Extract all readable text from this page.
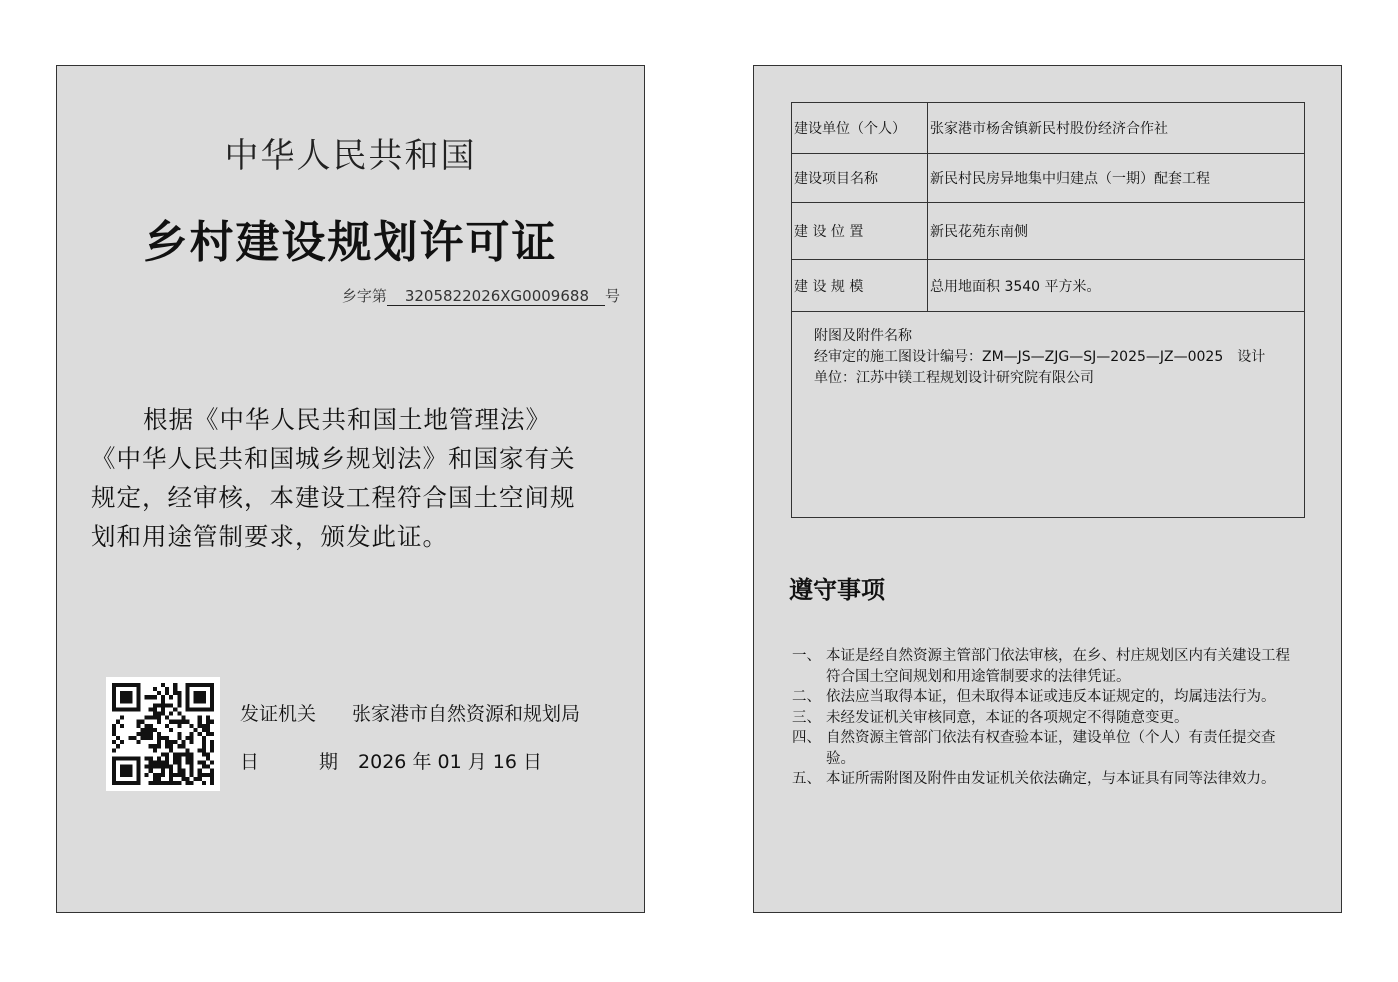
中华人民共和国
乡村建设规划许可证
乡字第 3205822026XG0009688 号

根据《中华人民共和国土地管理法》

《中华人民共和国城乡规划法》和国家有关

规定，经审核，本建设工程符合国土空间规

划和用途管制要求，颁发此证。

发证机关 张家港市自然资源和规划局
日	期 2026 年 01 月 16 日
建设单位（个人）	张家港市杨舍镇新民村股份经济合作社
建设项目名称	新民村民房异地集中归建点（一期）配套工程
建 设 位 置	新民花苑东南侧
建 设 规 模	总用地面积 3540 平方米。

附图及附件名称
经审定的施工图设计编号：ZM—JS—ZJG—SJ—2025—JZ—0025　设计
单位：江苏中镁工程规划设计研究院有限公司	
遵守事项
一、 本证是经自然资源主管部门依法审核，在乡、村庄规划区内有关建设工程符合国土空间规划和用途管制要求的法律凭证。
二、 依法应当取得本证，但未取得本证或违反本证规定的，均属违法行为。
三、 未经发证机关审核同意，本证的各项规定不得随意变更。
四、 自然资源主管部门依法有权查验本证，建设单位（个人）有责任提交查验。
五、 本证所需附图及附件由发证机关依法确定，与本证具有同等法律效力。
